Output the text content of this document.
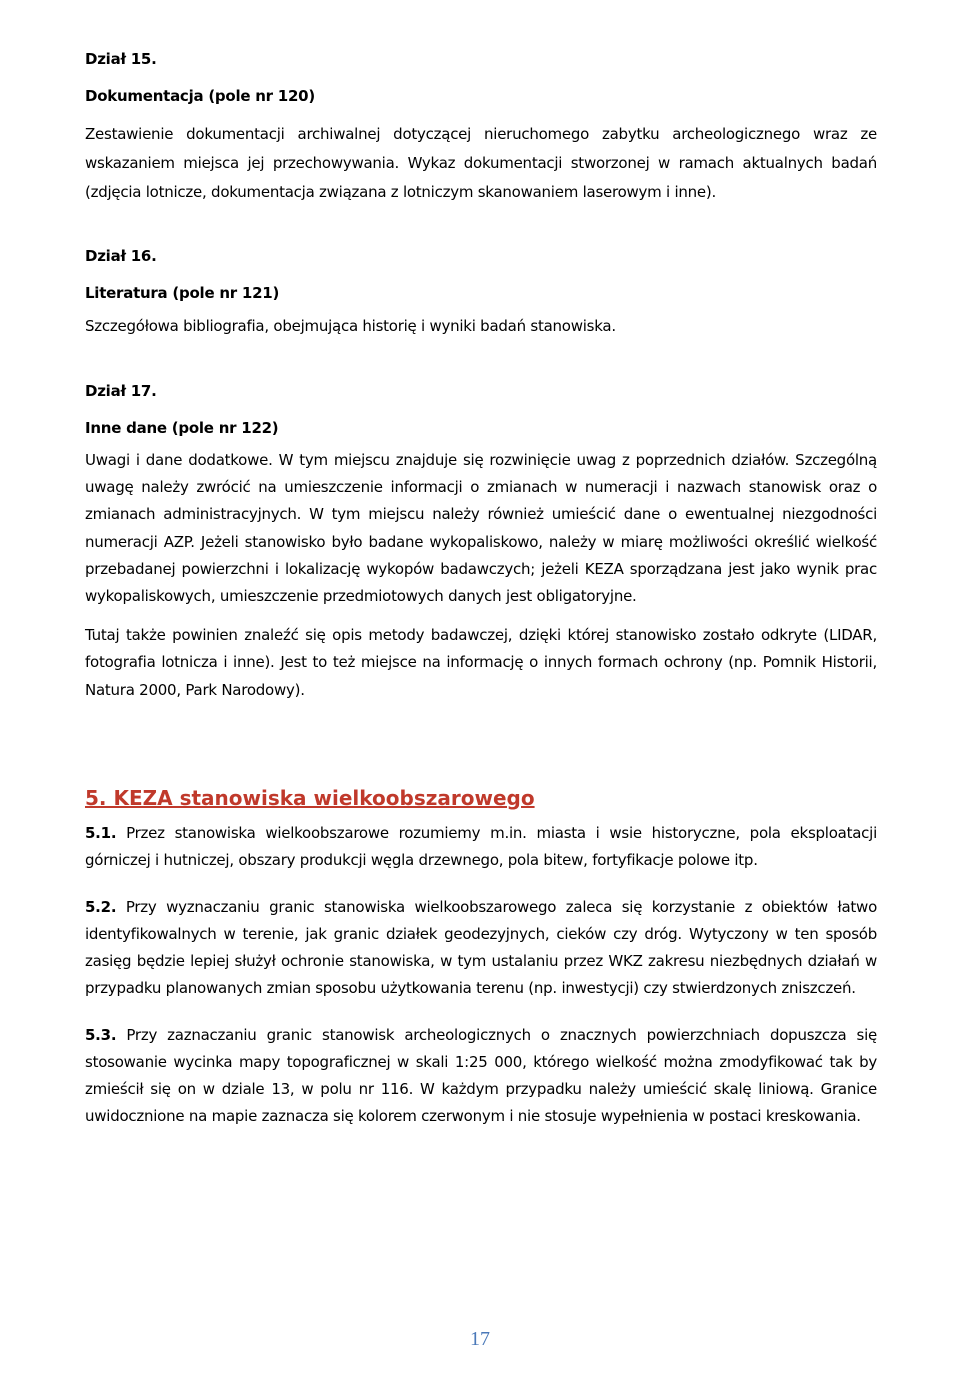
Dział 15.
Dokumentacja (pole nr 120)

Zestawienie dokumentacji archiwalnej dotyczącej nieruchomego zabytku archeologicznego wraz ze wskazaniem miejsca jej przechowywania. Wykaz dokumentacji stworzonej w ramach aktualnych badań (zdjęcia lotnicze, dokumentacja związana z lotniczym skanowaniem laserowym i inne).

Dział 16.
Literatura (pole nr 121)

Szczegółowa bibliografia, obejmująca historię i wyniki badań stanowiska.

Dział 17.
Inne dane (pole nr 122)

Uwagi i dane dodatkowe. W tym miejscu znajduje się rozwinięcie uwag z poprzednich działów. Szczególną uwagę należy zwrócić na umieszczenie informacji o zmianach w numeracji i nazwach stanowisk oraz o zmianach administracyjnych. W tym miejscu należy również umieścić dane o ewentualnej niezgodności numeracji AZP. Jeżeli stanowisko było badane wykopaliskowo, należy w miarę możliwości określić wielkość przebadanej powierzchni i lokalizację wykopów badawczych; jeżeli KEZA sporządzana jest jako wynik prac wykopaliskowych, umieszczenie przedmiotowych danych jest obligatoryjne.

Tutaj także powinien znaleźć się opis metody badawczej, dzięki której stanowisko zostało odkryte (LIDAR, fotografia lotnicza i inne). Jest to też miejsce na informację o innych formach ochrony (np. Pomnik Historii, Natura 2000, Park Narodowy).

5. KEZA stanowiska wielkoobszarowego

5.1. Przez stanowiska wielkoobszarowe rozumiemy m.in. miasta i wsie historyczne, pola eksploatacji górniczej i hutniczej, obszary produkcji węgla drzewnego, pola bitew, fortyfikacje polowe itp.

5.2. Przy wyznaczaniu granic stanowiska wielkoobszarowego zaleca się korzystanie z obiektów łatwo identyfikowalnych w terenie, jak granic działek geodezyjnych, cieków czy dróg. Wytyczony w ten sposób zasięg będzie lepiej służył ochronie stanowiska, w tym ustalaniu przez WKZ zakresu niezbędnych działań w przypadku planowanych zmian sposobu użytkowania terenu (np. inwestycji) czy stwierdzonych zniszczeń.

5.3. Przy zaznaczaniu granic stanowisk archeologicznych o znacznych powierzchniach dopuszcza się stosowanie wycinka mapy topograficznej w skali 1:25 000, którego wielkość można zmodyfikować tak by zmieścił się on w dziale 13, w polu nr 116. W każdym przypadku należy umieścić skalę liniową. Granice uwidocznione na mapie zaznacza się kolorem czerwonym i nie stosuje wypełnienia w postaci kreskowania.

17
